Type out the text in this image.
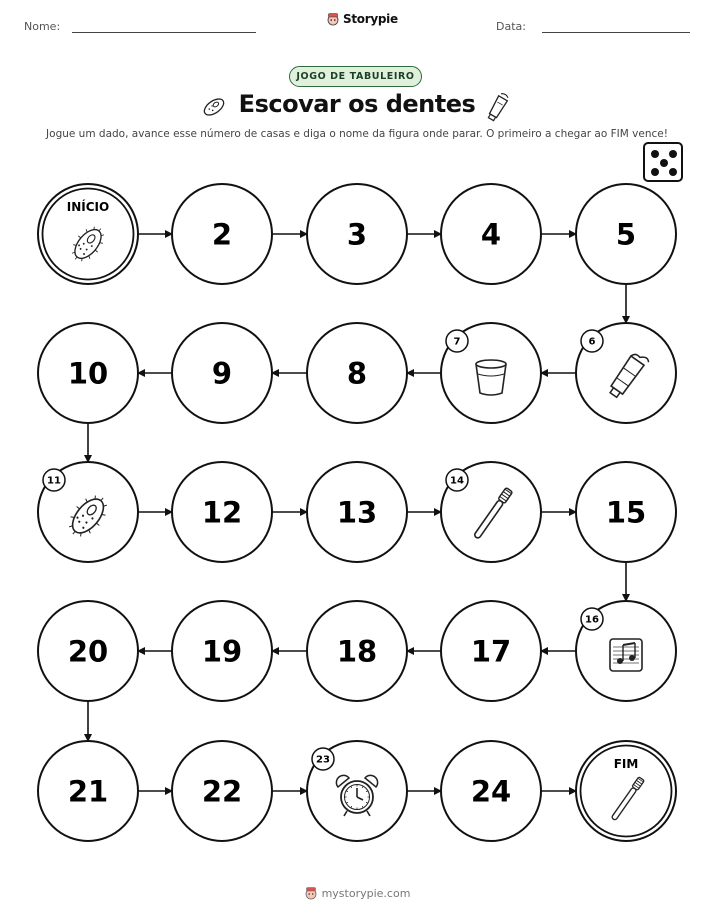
Nome:
Storypie
Data:
JOGO DE TABULEIRO
Escovar os dentes
Jogue um dado, avance esse número de casas e diga o nome da figura onde parar. O primeiro a chegar ao FIM vence!
INÍCIO
2	3	4	5
6
7
8
9
10
11
12	13
14
15
16
17
18
19
20
21	22
23
24
FIM
mystorypie.com
